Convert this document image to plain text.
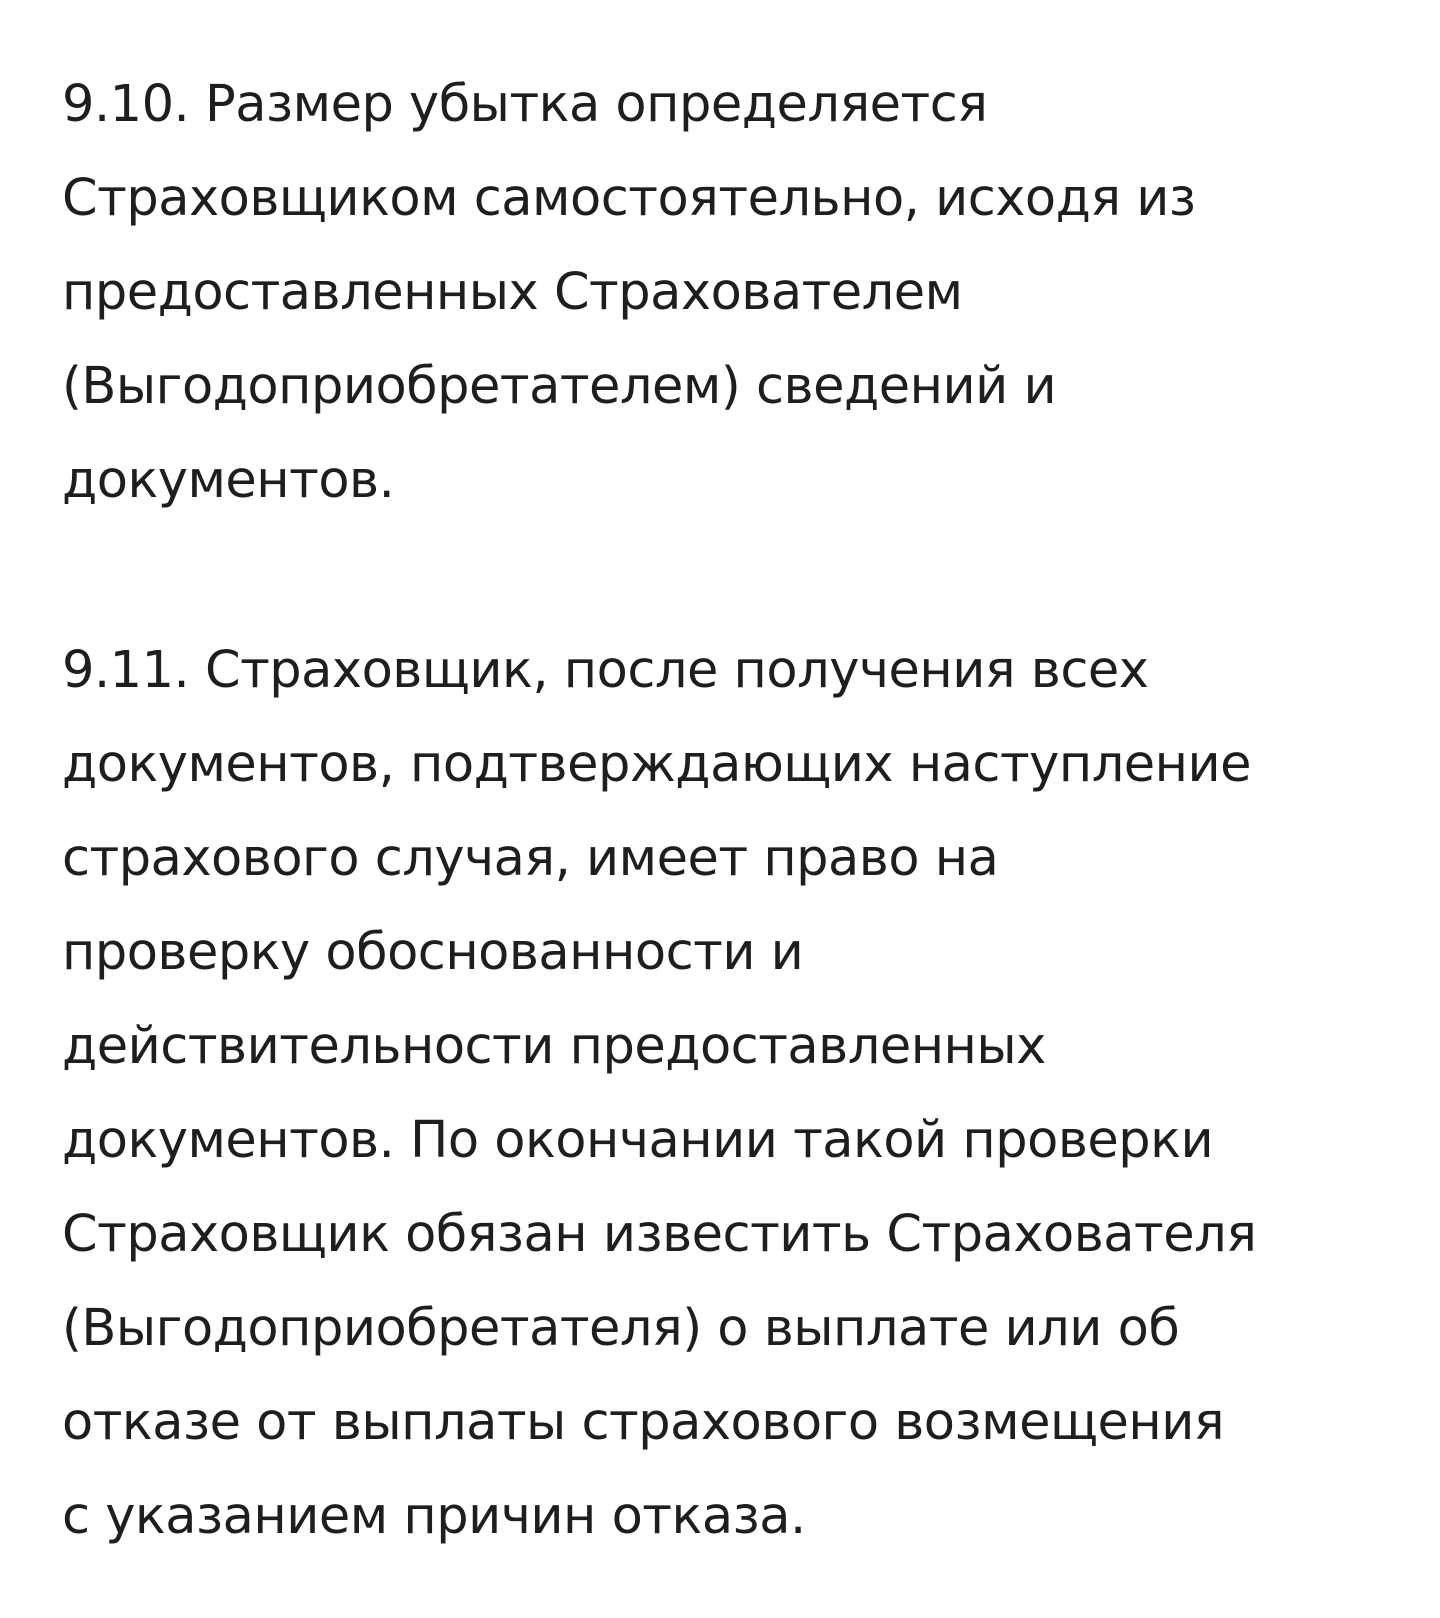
9.10. Размер убытка определяется
Страховщиком самостоятельно, исходя из
предоставленных Страхователем
(Выгодоприобретателем) сведений и
документов.
9.11. Страховщик, после получения всех
документов, подтверждающих наступление
страхового случая, имеет право на
проверку обоснованности и
действительности предоставленных
документов. По окончании такой проверки
Страховщик обязан известить Страхователя
(Выгодоприобретателя) о выплате или об
отказе от выплаты страхового возмещения
с указанием причин отказа.
